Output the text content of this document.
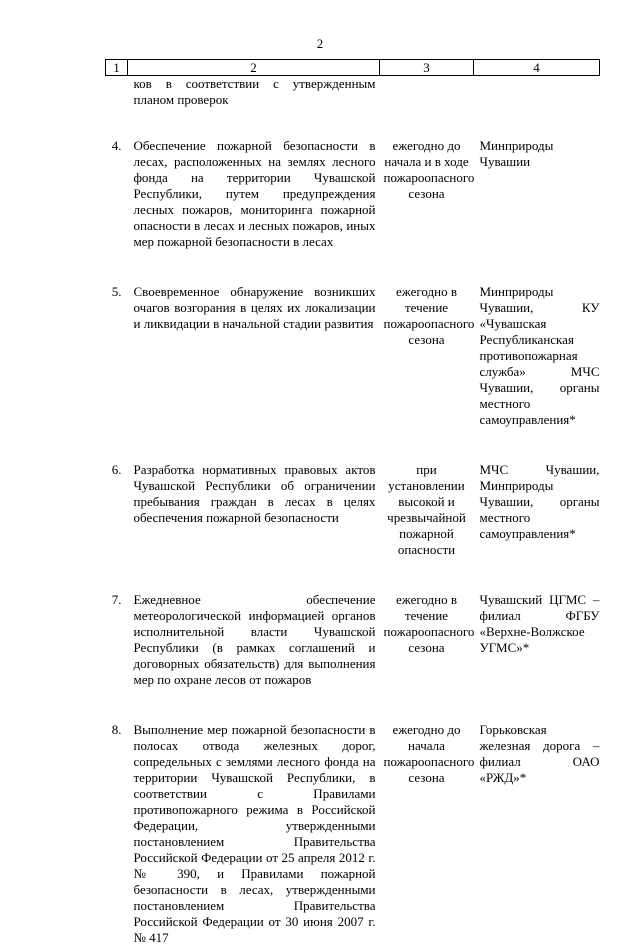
2
1	2	3	4
	ков в соответствии с утвержденным планом проверок		
4.	Обеспечение пожарной безопасности в лесах, расположенных на землях лесного фонда на территории Чувашской Республики, путем предупреждения лесных пожаров, мониторинга пожарной опасности в лесах и лесных пожаров, иных мер пожарной безопасности в лесах	ежегодно до начала и в ходе пожароопасного сезона	Минприроды Чувашии
5.	Своевременное обнаружение возникших очагов возгорания в целях их локализации и ликвидации в начальной стадии развития	ежегодно в течение пожароопасного сезона	Минприроды Чувашии, КУ «Чувашская Республиканская противопожарная служба» МЧС Чувашии, органы местного самоуправления*
6.	Разработка нормативных правовых актов Чувашской Республики об ограничении пребывания граждан в лесах в целях обеспечения пожарной безопасности	при установлении высокой и чрезвычайной пожарной опасности	МЧС Чувашии, Минприроды Чувашии, органы местного самоуправления*
7.	Ежедневное обеспечение метеорологической информацией органов исполнительной власти Чувашской Республики (в рамках соглашений и договорных обязательств) для выполнения мер по охране лесов от пожаров	ежегодно в течение пожароопасного сезона	Чувашский ЦГМС – филиал ФГБУ «Верхне-Волжское УГМС»*
8.	Выполнение мер пожарной безопасности в полосах отвода железных дорог, сопредельных с землями лесного фонда на территории Чувашской Республики, в соответствии с Правилами противопожарного режима в Российской Федерации, утвержденными постановлением Правительства Российской Федерации от 25 апреля 2012 г. № 390, и Правилами пожарной безопасности в лесах, утвержденными постановлением Правительства Российской Федерации от 30 июня 2007 г. № 417	ежегодно до начала пожароопасного сезона	Горьковская железная дорога – филиал ОАО «РЖД»*
